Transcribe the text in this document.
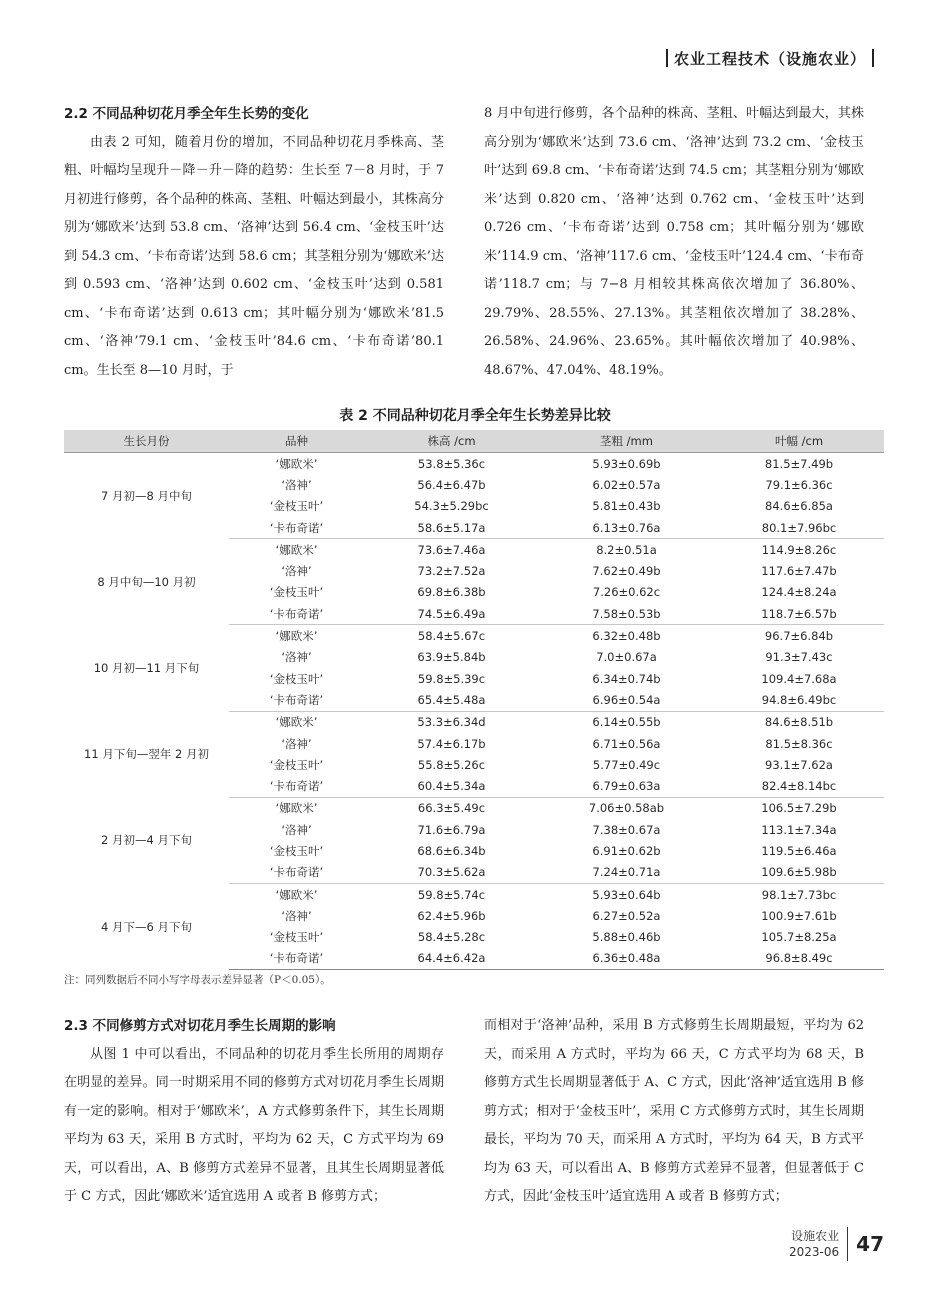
农业工程技术（设施农业）
2.2 不同品种切花月季全年生长势的变化

由表 2 可知，随着月份的增加，不同品种切花月季株高、茎粗、叶幅均呈现升－降－升－降的趋势：生长至 7－8 月时，于 7 月初进行修剪，各个品种的株高、茎粗、叶幅达到最小，其株高分别为‘娜欧米’达到 53.8 cm、‘洛神’达到 56.4 cm、‘金枝玉叶’达到 54.3 cm、‘卡布奇诺’达到 58.6 cm；其茎粗分别为‘娜欧米’达到 0.593 cm、‘洛神’达到 0.602 cm、‘金枝玉叶’达到 0.581 cm、‘卡布奇诺’达到 0.613 cm；其叶幅分别为‘娜欧米’81.5 cm、‘洛神’79.1 cm、‘金枝玉叶’84.6 cm、‘卡布奇诺’80.1 cm。生长至 8—10 月时，于

8 月中旬进行修剪，各个品种的株高、茎粗、叶幅达到最大，其株高分别为‘娜欧米’达到 73.6 cm、‘洛神’达到 73.2 cm、‘金枝玉叶’达到 69.8 cm、‘卡布奇诺’达到 74.5 cm；其茎粗分别为‘娜欧米’达到 0.820 cm、‘洛神’达到 0.762 cm、‘金枝玉叶’达到 0.726 cm、‘卡布奇诺’达到 0.758 cm；其叶幅分别为‘娜欧米’114.9 cm、‘洛神’117.6 cm、‘金枝玉叶’124.4 cm、‘卡布奇诺’118.7 cm；与 7−8 月相较其株高依次增加了 36.80%、29.79%、28.55%、27.13%。其茎粗依次增加了 38.28%、26.58%、24.96%、23.65%。其叶幅依次增加了 40.98%、48.67%、47.04%、48.19%。

表 2 不同品种切花月季全年生长势差异比较
生长月份	品种	株高 /cm	茎粗 /mm	叶幅 /cm
7 月初—8 月中旬	‘娜欧米’	53.8±5.36c	5.93±0.69b	81.5±7.49b
	‘洛神’	56.4±6.47b	6.02±0.57a	79.1±6.36c
	‘金枝玉叶’	54.3±5.29bc	5.81±0.43b	84.6±6.85a
	‘卡布奇诺’	58.6±5.17a	6.13±0.76a	80.1±7.96bc
8 月中旬—10 月初	‘娜欧米’	73.6±7.46a	8.2±0.51a	114.9±8.26c
	‘洛神’	73.2±7.52a	7.62±0.49b	117.6±7.47b
	‘金枝玉叶’	69.8±6.38b	7.26±0.62c	124.4±8.24a
	‘卡布奇诺’	74.5±6.49a	7.58±0.53b	118.7±6.57b
10 月初—11 月下旬	‘娜欧米’	58.4±5.67c	6.32±0.48b	96.7±6.84b
	‘洛神’	63.9±5.84b	7.0±0.67a	91.3±7.43c
	‘金枝玉叶’	59.8±5.39c	6.34±0.74b	109.4±7.68a
	‘卡布奇诺’	65.4±5.48a	6.96±0.54a	94.8±6.49bc
11 月下旬—翌年 2 月初	‘娜欧米’	53.3±6.34d	6.14±0.55b	84.6±8.51b
	‘洛神’	57.4±6.17b	6.71±0.56a	81.5±8.36c
	‘金枝玉叶’	55.8±5.26c	5.77±0.49c	93.1±7.62a
	‘卡布奇诺’	60.4±5.34a	6.79±0.63a	82.4±8.14bc
2 月初—4 月下旬	‘娜欧米’	66.3±5.49c	7.06±0.58ab	106.5±7.29b
	‘洛神’	71.6±6.79a	7.38±0.67a	113.1±7.34a
	‘金枝玉叶’	68.6±6.34b	6.91±0.62b	119.5±6.46a
	‘卡布奇诺’	70.3±5.62a	7.24±0.71a	109.6±5.98b
4 月下—6 月下旬	‘娜欧米’	59.8±5.74c	5.93±0.64b	98.1±7.73bc
	‘洛神’	62.4±5.96b	6.27±0.52a	100.9±7.61b
	‘金枝玉叶’	58.4±5.28c	5.88±0.46b	105.7±8.25a
	‘卡布奇诺’	64.4±6.42a	6.36±0.48a	96.8±8.49c
注：同列数据后不同小写字母表示差异显著（P＜0.05）。
2.3 不同修剪方式对切花月季生长周期的影响

从图 1 中可以看出，不同品种的切花月季生长所用的周期存在明显的差异。同一时期采用不同的修剪方式对切花月季生长周期有一定的影响。相对于‘娜欧米’，A 方式修剪条件下，其生长周期平均为 63 天，采用 B 方式时，平均为 62 天，C 方式平均为 69 天，可以看出，A、B 修剪方式差异不显著，且其生长周期显著低于 C 方式，因此‘娜欧米’适宜选用 A 或者 B 修剪方式；

而相对于‘洛神’品种，采用 B 方式修剪生长周期最短，平均为 62 天，而采用 A 方式时，平均为 66 天，C 方式平均为 68 天，B 修剪方式生长周期显著低于 A、C 方式，因此‘洛神’适宜选用 B 修剪方式；相对于‘金枝玉叶’，采用 C 方式修剪方式时，其生长周期最长，平均为 70 天，而采用 A 方式时，平均为 64 天，B 方式平均为 63 天，可以看出 A、B 修剪方式差异不显著，但显著低于 C 方式，因此‘金枝玉叶’适宜选用 A 或者 B 修剪方式；

设施农业
2023-06 47
